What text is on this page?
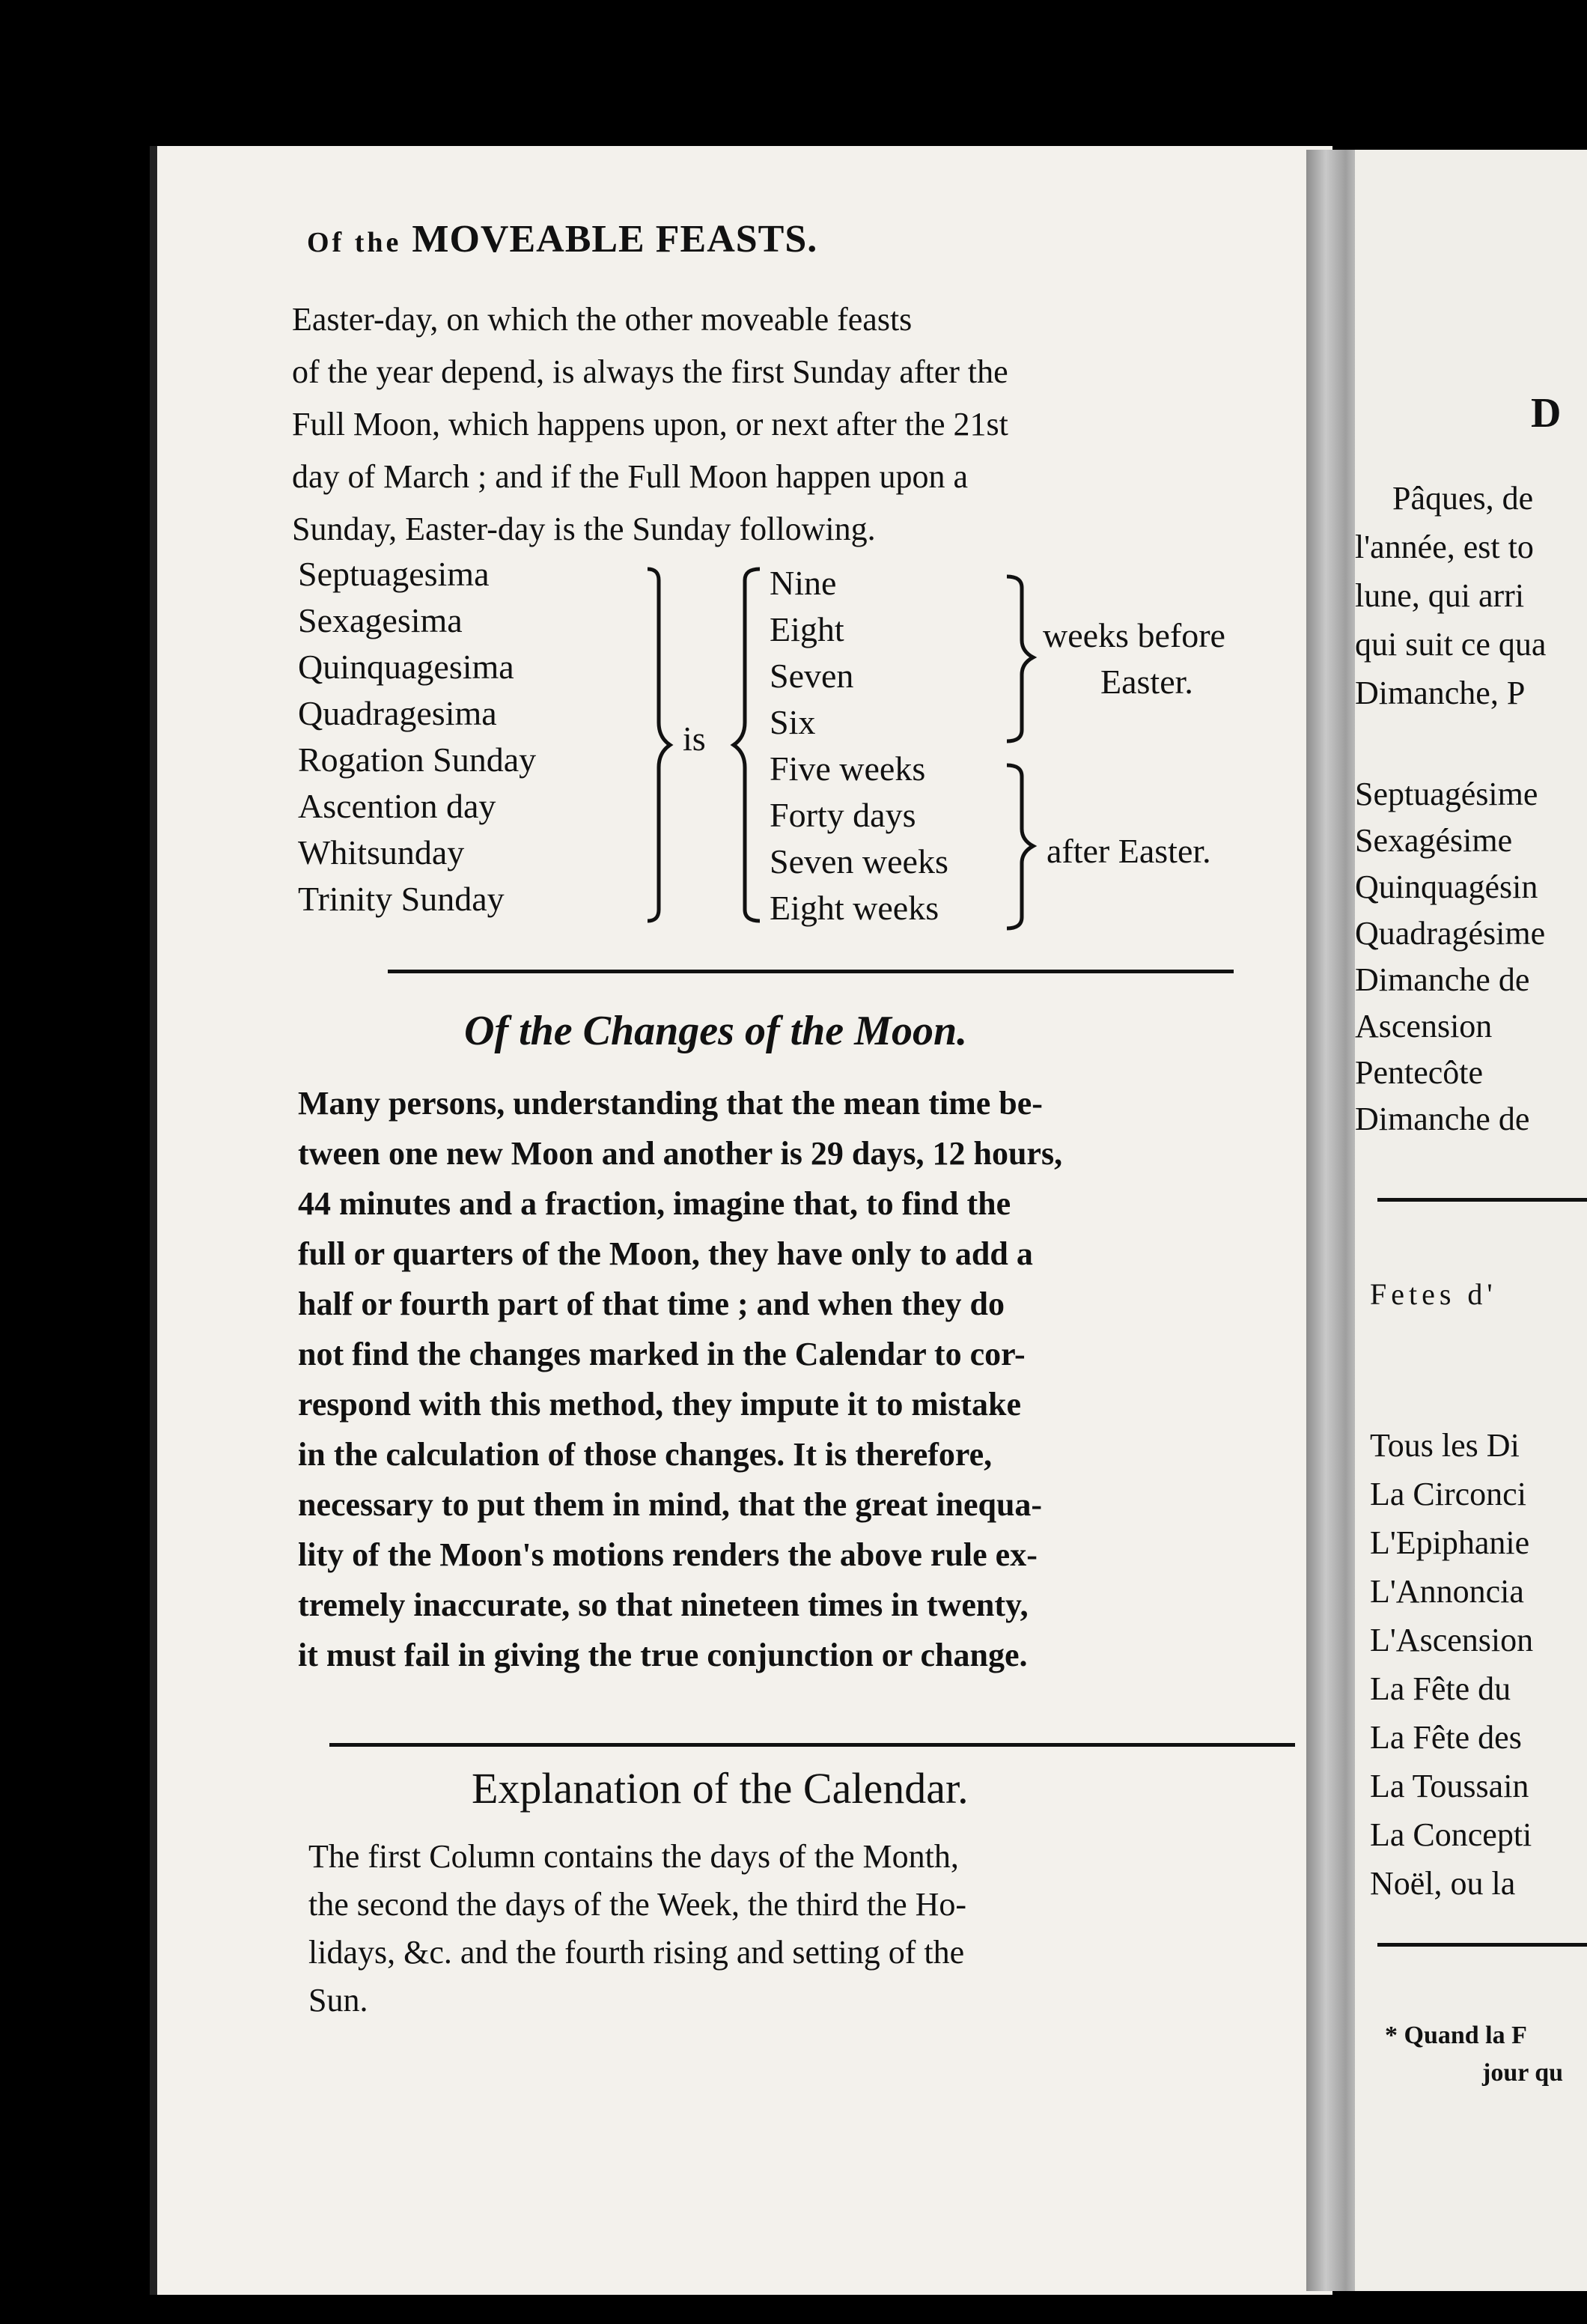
Of the MOVEABLE FEASTS.
Easter-day, on which the other moveable feasts
of the year depend, is always the first Sunday after the
Full Moon, which happens upon, or next after the 21st
day of March ; and if the Full Moon happen upon a
Sunday, Easter-day is the Sunday following.
Septuagesima
Sexagesima
Quinquagesima
Quadragesima
Rogation Sunday
Ascention day
Whitsunday
Trinity Sunday
is
Nine
Eight
Seven
Six
Five weeks
Forty days
Seven weeks
Eight weeks
weeks before
Easter.
after Easter.
Of the Changes of the Moon.
Many persons, understanding that the mean time be-
tween one new Moon and another is 29 days, 12 hours,
44 minutes and a fraction, imagine that, to find the
full or quarters of the Moon, they have only to add a
half or fourth part of that time ; and when they do
not find the changes marked in the Calendar to cor-
respond with this method, they impute it to mistake
in the calculation of those changes. It is therefore,
necessary to put them in mind, that the great inequa-
lity of the Moon's motions renders the above rule ex-
tremely inaccurate, so that nineteen times in twenty,
it must fail in giving the true conjunction or change.
Explanation of the Calendar.
The first Column contains the days of the Month,
the second the days of the Week, the third the Ho-
lidays, &c. and the fourth rising and setting of the
Sun.
D
Pâques, de
l'année, est to
lune, qui arri
qui suit ce qua
Dimanche, P
Septuagésime
Sexagésime
Quinquagésin
Quadragésime
Dimanche de
Ascension
Pentecôte
Dimanche de
Fetes d'
Tous les Di
La Circonci
L'Epiphanie
L'Annoncia
L'Ascension
La Fête du
La Fête des
La Toussain
La Concepti
Noël, ou la
* Quand la F
jour qu
